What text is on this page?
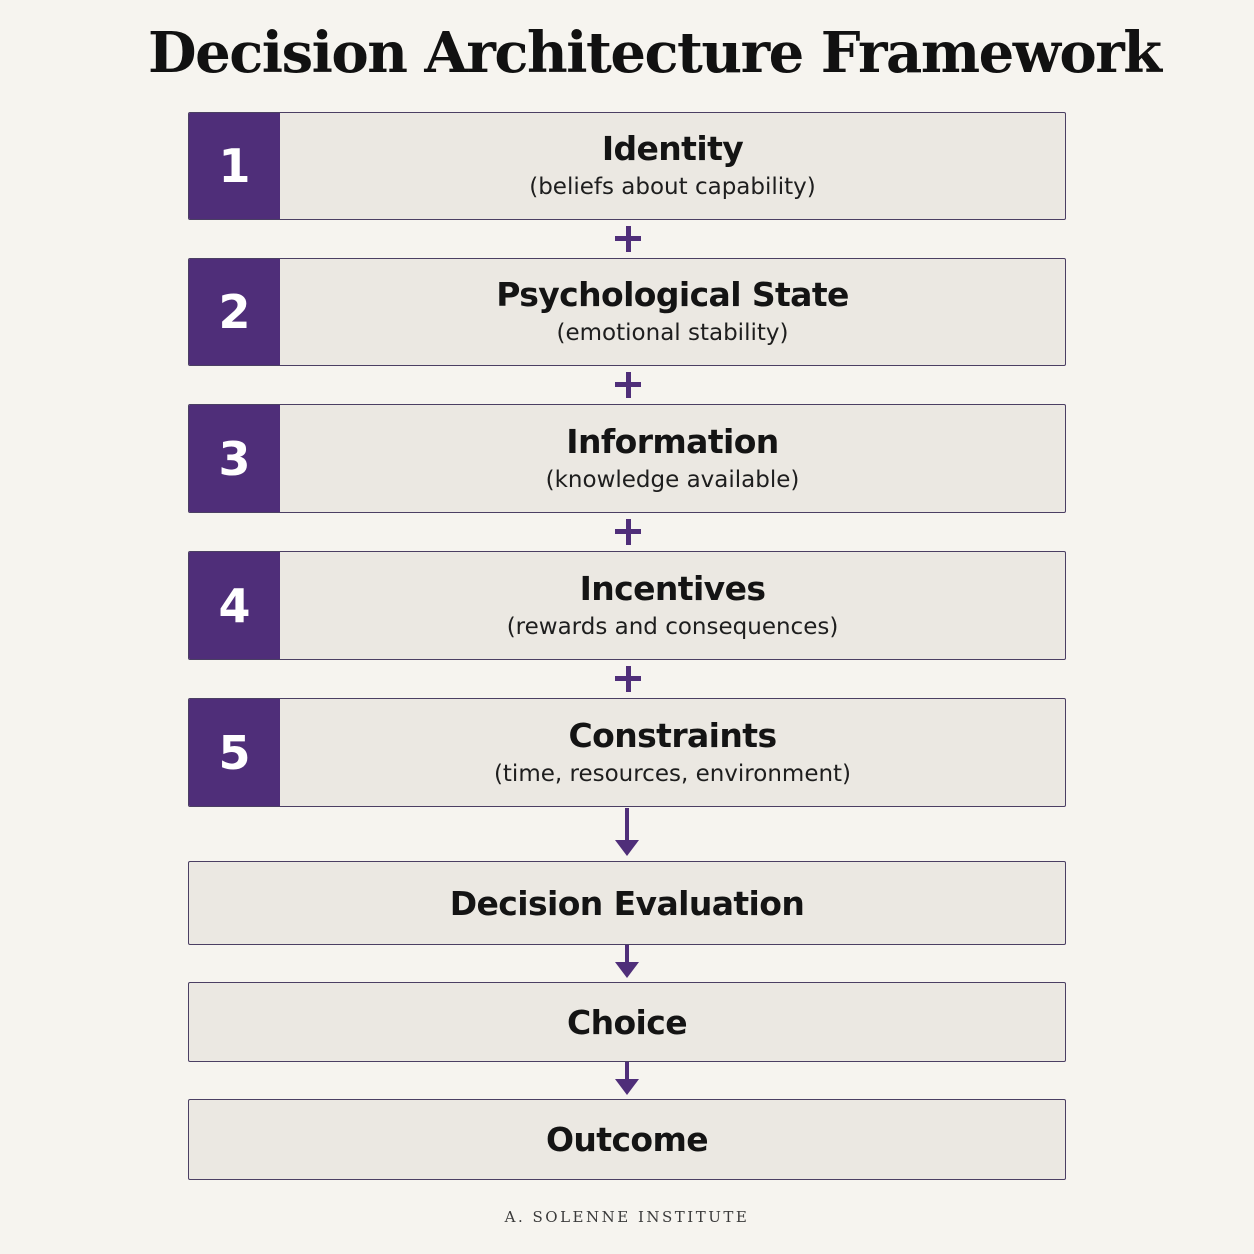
Decision Architecture Framework
1	Identity
(beliefs about capability)
2	Psychological State
(emotional stability)
3	Information
(knowledge available)
4	Incentives
(rewards and consequences)
5	Constraints
(time, resources, environment)
Decision Evaluation
Choice
Outcome
A. SOLENNE INSTITUTE
